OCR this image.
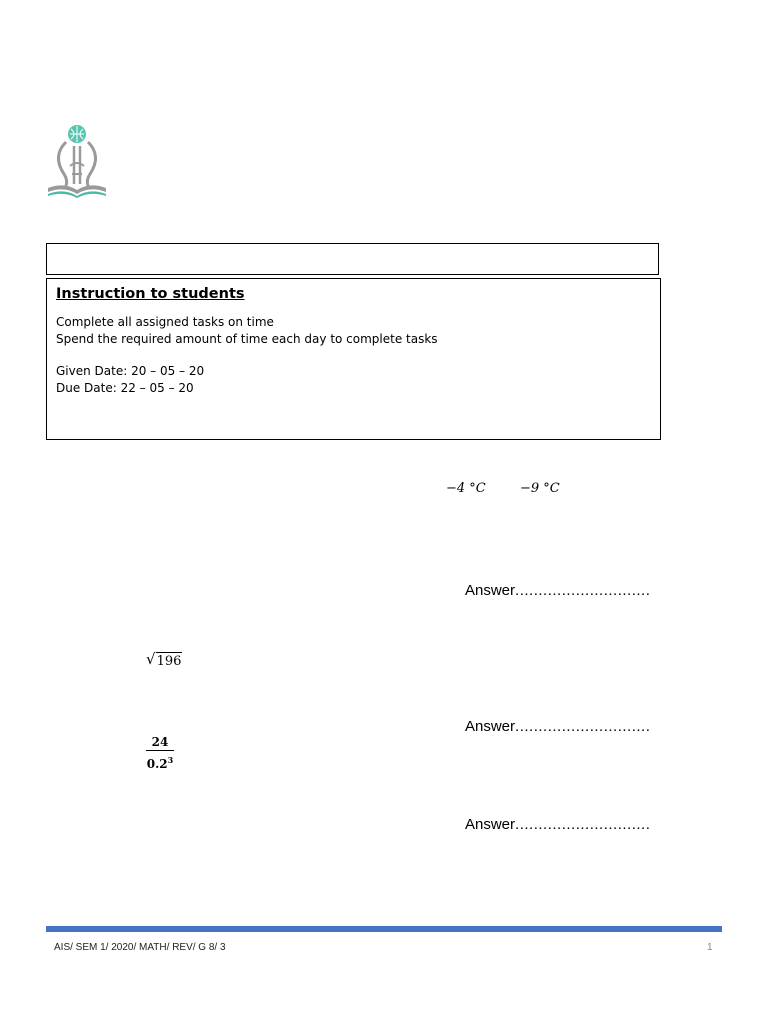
Instruction to students

Complete all assigned tasks on time

Spend the required amount of time each day to complete tasks

Given Date: 20 – 05 – 20

Due Date: 22 – 05 – 20

−4 °C	−9 °C
Answer.............................
√ 196
Answer.............................
24
$0.2^3$
Answer.............................
AIS/ SEM 1/ 2020/ MATH/ REV/ G 8/ 3	1
